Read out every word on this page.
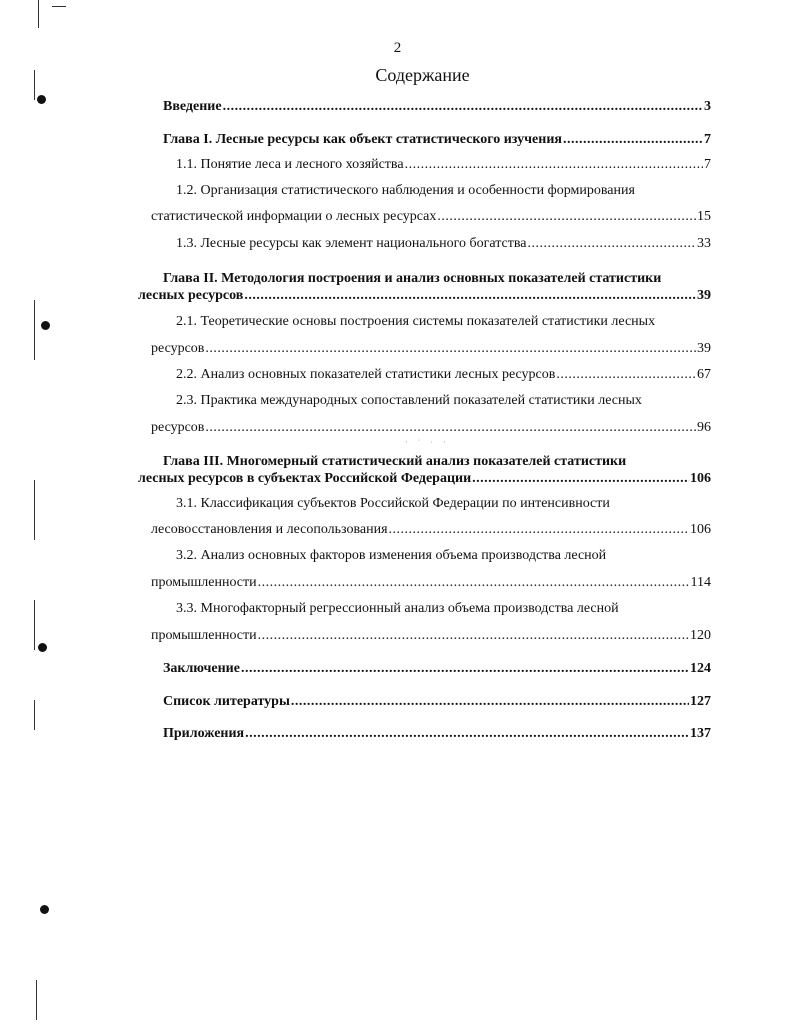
2
Содержание
Введение .....	3
Глава I. Лесные ресурсы как объект статистического изучения .....	7
1.1. Понятие леса и лесного хозяйства .....	7
1.2. Организация статистического наблюдения и особенности формирования
статистической информации о лесных ресурсах .....	15
1.3. Лесные ресурсы как элемент национального богатства .....	33
Глава II. Методология построения и анализ основных показателей статистики
лесных ресурсов .....	39
2.1. Теоретические основы построения системы показателей статистики лесных
ресурсов .....	39
2.2. Анализ основных показателей статистики лесных ресурсов .....	67
2.3. Практика международных сопоставлений показателей статистики лесных
ресурсов .....	96
· ˙ · ·
Глава III. Многомерный статистический анализ показателей статистики
лесных ресурсов в субъектах Российской Федерации .....	106
3.1. Классификация субъектов Российской Федерации по интенсивности
лесовосстановления и лесопользования .....	106
3.2. Анализ основных факторов изменения объема производства лесной
промышленности .....	114
3.3. Многофакторный регрессионный анализ объема производства лесной
промышленности .....	120
Заключение .....	124
Список литературы .....	127
Приложения .....	137
